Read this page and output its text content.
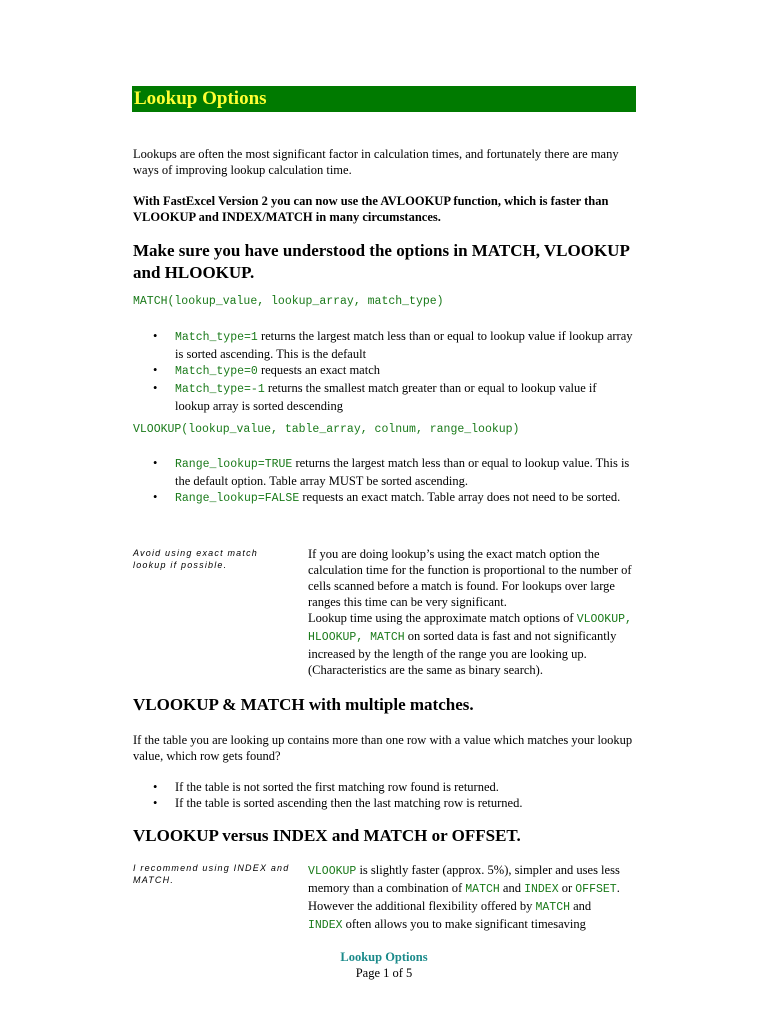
Lookup Options
Lookups are often the most significant factor in calculation times, and fortunately there are many ways of improving lookup calculation time.
With FastExcel Version 2 you can now use the AVLOOKUP function, which is faster than VLOOKUP and INDEX/MATCH in many circumstances.
Make sure you have understood the options in MATCH, VLOOKUP and HLOOKUP.
MATCH(lookup_value, lookup_array, match_type)
• Match_type=1 returns the largest match less than or equal to lookup value if lookup array is sorted ascending. This is the default
• Match_type=0 requests an exact match
• Match_type=-1 returns the smallest match greater than or equal to lookup value if lookup array is sorted descending
VLOOKUP(lookup_value, table_array, colnum, range_lookup)
• Range_lookup=TRUE returns the largest match less than or equal to lookup value. This is the default option. Table array MUST be sorted ascending.
• Range_lookup=FALSE requests an exact match. Table array does not need to be sorted.
Avoid using exact match lookup if possible.
If you are doing lookup’s using the exact match option the calculation time for the function is proportional to the number of cells scanned before a match is found. For lookups over large ranges this time can be very significant.
Lookup time using the approximate match options of VLOOKUP, HLOOKUP, MATCH on sorted data is fast and not significantly increased by the length of the range you are looking up. (Characteristics are the same as binary search).
VLOOKUP & MATCH with multiple matches.
If the table you are looking up contains more than one row with a value which matches your lookup value, which row gets found?
• If the table is not sorted the first matching row found is returned.
• If the table is sorted ascending then the last matching row is returned.
VLOOKUP versus INDEX and MATCH or OFFSET.
I recommend using INDEX and MATCH.
VLOOKUP is slightly faster (approx. 5%), simpler and uses less memory than a combination of MATCH and INDEX or OFFSET. However the additional flexibility offered by MATCH and
INDEX often allows you to make significant timesaving
Lookup Options
Page 1 of 5
